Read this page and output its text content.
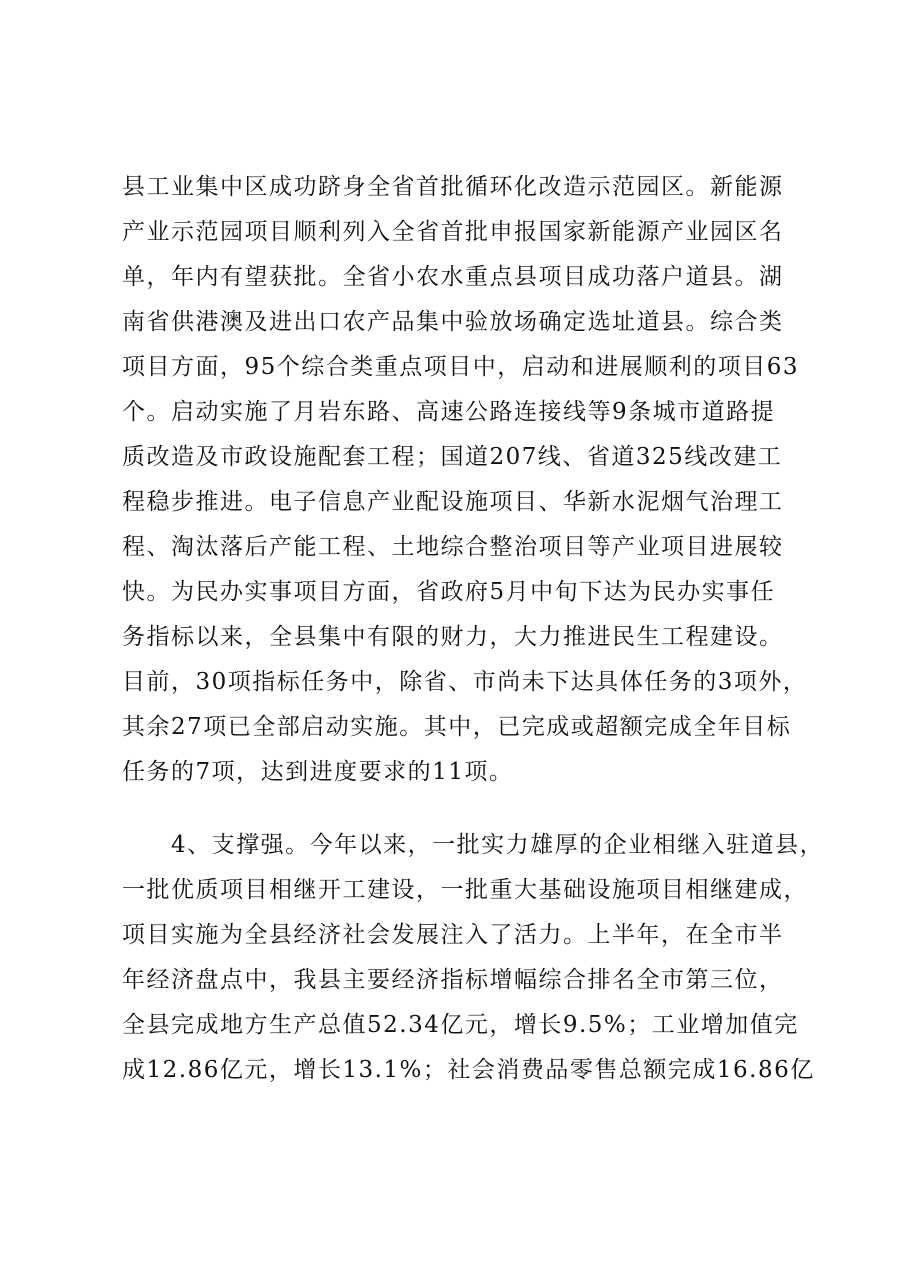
县工业集中区成功跻身全省首批循环化改造示范园区。新能源
产业示范园项目顺利列入全省首批申报国家新能源产业园区名
单，年内有望获批。全省小农水重点县项目成功落户道县。湖
南省供港澳及进出口农产品集中验放场确定选址道县。综合类
项目方面，95个综合类重点项目中，启动和进展顺利的项目63
个。启动实施了月岩东路、高速公路连接线等9条城市道路提
质改造及市政设施配套工程；国道207线、省道325线改建工
程稳步推进。电子信息产业配设施项目、华新水泥烟气治理工
程、淘汰落后产能工程、土地综合整治项目等产业项目进展较
快。为民办实事项目方面，省政府5月中旬下达为民办实事任
务指标以来，全县集中有限的财力，大力推进民生工程建设。
目前，30项指标任务中，除省、市尚未下达具体任务的3项外，
其余27项已全部启动实施。其中，已完成或超额完成全年目标
任务的7项，达到进度要求的11项。
　　4、支撑强。今年以来，一批实力雄厚的企业相继入驻道县，
一批优质项目相继开工建设，一批重大基础设施项目相继建成，
项目实施为全县经济社会发展注入了活力。上半年，在全市半
年经济盘点中，我县主要经济指标增幅综合排名全市第三位，
全县完成地方生产总值52.34亿元，增长9.5%；工业增加值完
成12.86亿元，增长13.1%；社会消费品零售总额完成16.86亿
